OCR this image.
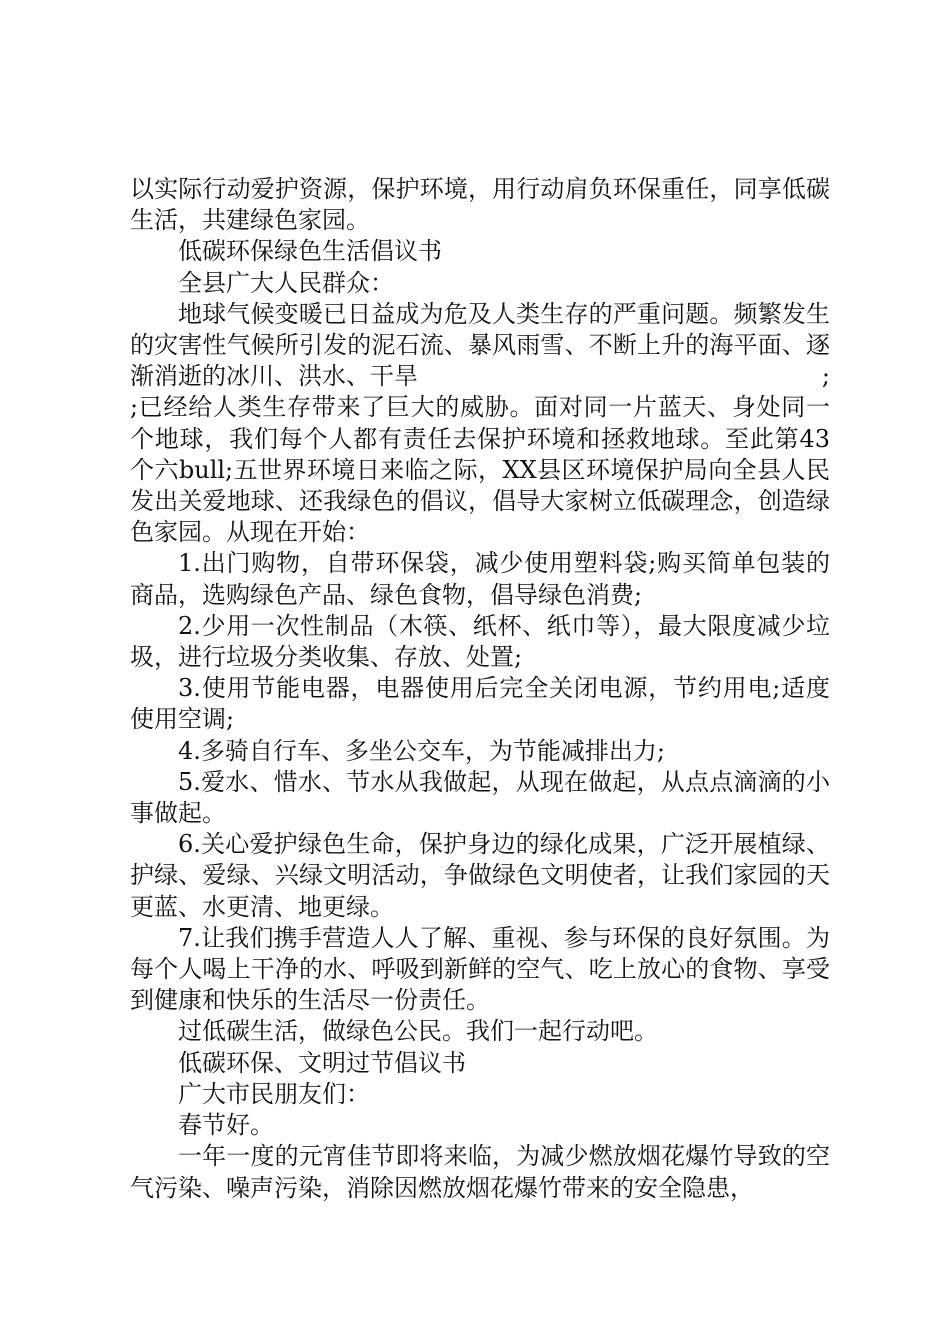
以实际行动爱护资源，保护环境，用行动肩负环保重任，同享低碳生活，共建绿色家园。

低碳环保绿色生活倡议书

全县广大人民群众：

地球气候变暖已日益成为危及人类生存的严重问题。频繁发生的灾害性气候所引发的泥石流、暴风雨雪、不断上升的海平面、逐渐消逝的冰川、洪水、干旱	;

;已经给人类生存带来了巨大的威胁。面对同一片蓝天、身处同一个地球，我们每个人都有责任去保护环境和拯救地球。至此第43个六bull;五世界环境日来临之际，XX县区环境保护局向全县人民发出关爱地球、还我绿色的倡议，倡导大家树立低碳理念，创造绿色家园。从现在开始：

1.出门购物，自带环保袋，减少使用塑料袋;购买简单包装的商品，选购绿色产品、绿色食物，倡导绿色消费;

2.少用一次性制品（木筷、纸杯、纸巾等），最大限度减少垃圾，进行垃圾分类收集、存放、处置;

3.使用节能电器，电器使用后完全关闭电源，节约用电;适度使用空调;

4.多骑自行车、多坐公交车，为节能减排出力;

5.爱水、惜水、节水从我做起，从现在做起，从点点滴滴的小事做起。

6.关心爱护绿色生命，保护身边的绿化成果，广泛开展植绿、护绿、爱绿、兴绿文明活动，争做绿色文明使者，让我们家园的天更蓝、水更清、地更绿。

7.让我们携手营造人人了解、重视、参与环保的良好氛围。为每个人喝上干净的水、呼吸到新鲜的空气、吃上放心的食物、享受到健康和快乐的生活尽一份责任。

过低碳生活，做绿色公民。我们一起行动吧。

低碳环保、文明过节倡议书

广大市民朋友们：

春节好。

一年一度的元宵佳节即将来临，为减少燃放烟花爆竹导致的空气污染、噪声污染，消除因燃放烟花爆竹带来的安全隐患，
